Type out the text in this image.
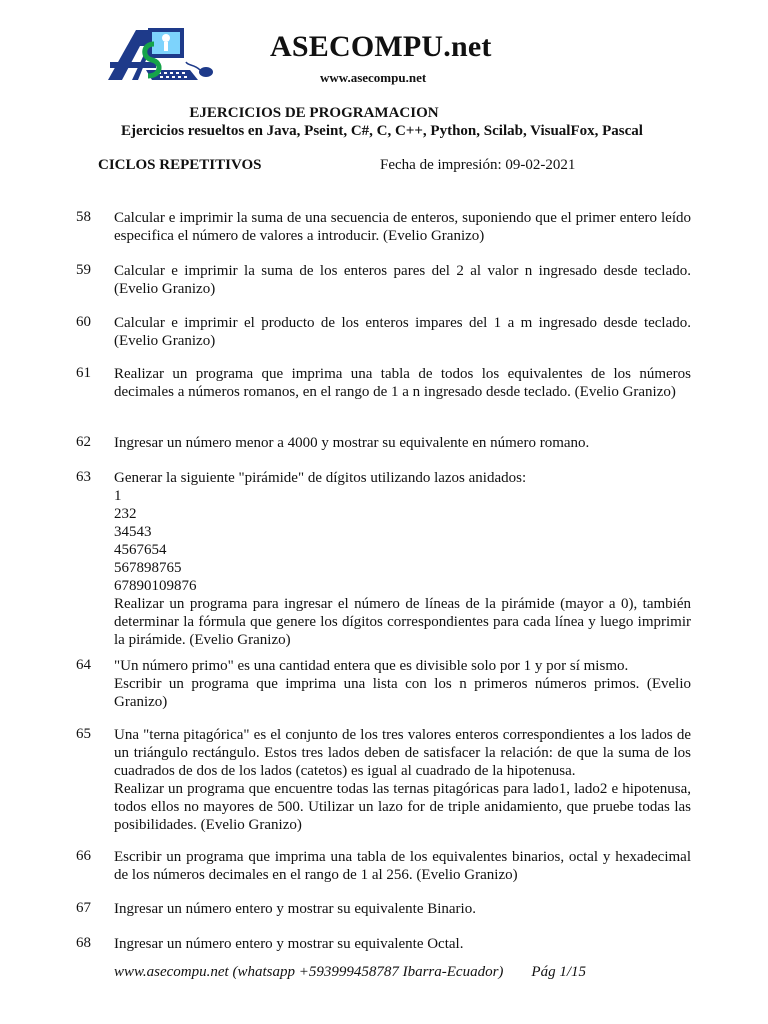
ASECOMPU.net
www.asecompu.net
EJERCICIOS DE PROGRAMACION
Ejercicios resueltos en Java, Pseint, C#, C, C++, Python, Scilab, VisualFox, Pascal
CICLOS REPETITIVOS	Fecha de impresión: 09-02-2021
58 Calcular e imprimir la suma de una secuencia de enteros, suponiendo que el primer entero leído especifica el número de valores a introducir. (Evelio Granizo)

59 Calcular e imprimir la suma de los enteros pares del 2 al valor n ingresado desde teclado. (Evelio Granizo)

60 Calcular e imprimir el producto de los enteros impares del 1 a m ingresado desde teclado. (Evelio Granizo)

61 Realizar un programa que imprima una tabla de todos los equivalentes de los números decimales a números romanos, en el rango de 1 a n ingresado desde teclado. (Evelio Granizo)

62 Ingresar un número menor a 4000 y mostrar su equivalente en número romano.

63 Generar la siguiente "pirámide" de dígitos utilizando lazos anidados:

1
232
34543
4567654
567898765
67890109876

Realizar un programa para ingresar el número de líneas de la pirámide (mayor a 0), también determinar la fórmula que genere los dígitos correspondientes para cada línea y luego imprimir la pirámide. (Evelio Granizo)

64 "Un número primo" es una cantidad entera que es divisible solo por 1 y por sí mismo.

Escribir un programa que imprima una lista con los n primeros números primos. (Evelio Granizo)

65 Una "terna pitagórica" es el conjunto de los tres valores enteros correspondientes a los lados de un triángulo rectángulo. Estos tres lados deben de satisfacer la relación: de que la suma de los cuadrados de dos de los lados (catetos) es igual al cuadrado de la hipotenusa.

Realizar un programa que encuentre todas las ternas pitagóricas para lado1, lado2 e hipotenusa, todos ellos no mayores de 500. Utilizar un lazo for de triple anidamiento, que pruebe todas las posibilidades. (Evelio Granizo)

66 Escribir un programa que imprima una tabla de los equivalentes binarios, octal y hexadecimal de los números decimales en el rango de 1 al 256. (Evelio Granizo)

67 Ingresar un número entero y mostrar su equivalente Binario.

68 Ingresar un número entero y mostrar su equivalente Octal.

www.asecompu.net (whatsapp +593999458787 Ibarra-Ecuador) Pág 1/15
